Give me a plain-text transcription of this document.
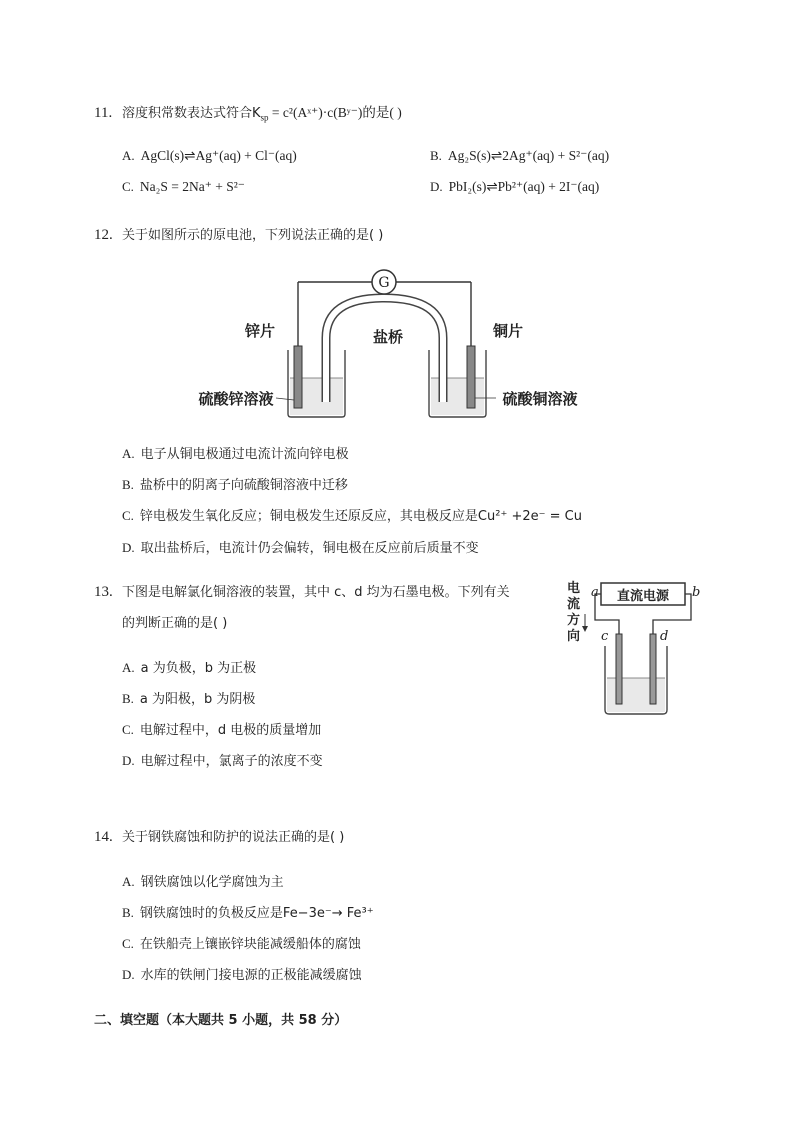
11. 溶度积常数表达式符合$K_{sp}$ = c²(Aˣ⁺)·c(Bʸ⁻)的是( )
A. AgCl(s)⇌Ag⁺(aq) + Cl⁻(aq)	B. Ag₂S(s)⇌2Ag⁺(aq) + S²⁻(aq)
C. Na₂S = 2Na⁺ + S²⁻	D. PbI₂(s)⇌Pb²⁺(aq) + 2I⁻(aq)
12. 关于如图所示的原电池，下列说法正确的是( )
G
锌片	盐桥	铜片
硫酸锌溶液	硫酸铜溶液
A. 电子从铜电极通过电流计流向锌电极
B. 盐桥中的阴离子向硫酸铜溶液中迁移
C. 锌电极发生氧化反应；铜电极发生还原反应，其电极反应是Cu²⁺ +2e⁻ = Cu
D. 取出盐桥后，电流计仍会偏转，铜电极在反应前后质量不变
13. 下图是电解氯化铜溶液的装置，其中 c、d 均为石墨电极。下列有关
的判断正确的是( )
电
流
方
向
直流电源
a	b
c	d
A. a 为负极，b 为正极
B. a 为阳极，b 为阴极
C. 电解过程中，d 电极的质量增加
D. 电解过程中，氯离子的浓度不变
14. 关于钢铁腐蚀和防护的说法正确的是( )
A. 钢铁腐蚀以化学腐蚀为主
B. 钢铁腐蚀时的负极反应是Fe−3e⁻→ Fe³⁺
C. 在铁船壳上镶嵌锌块能减缓船体的腐蚀
D. 水库的铁闸门接电源的正极能减缓腐蚀
二、填空题（本大题共 5 小题，共 58 分）
